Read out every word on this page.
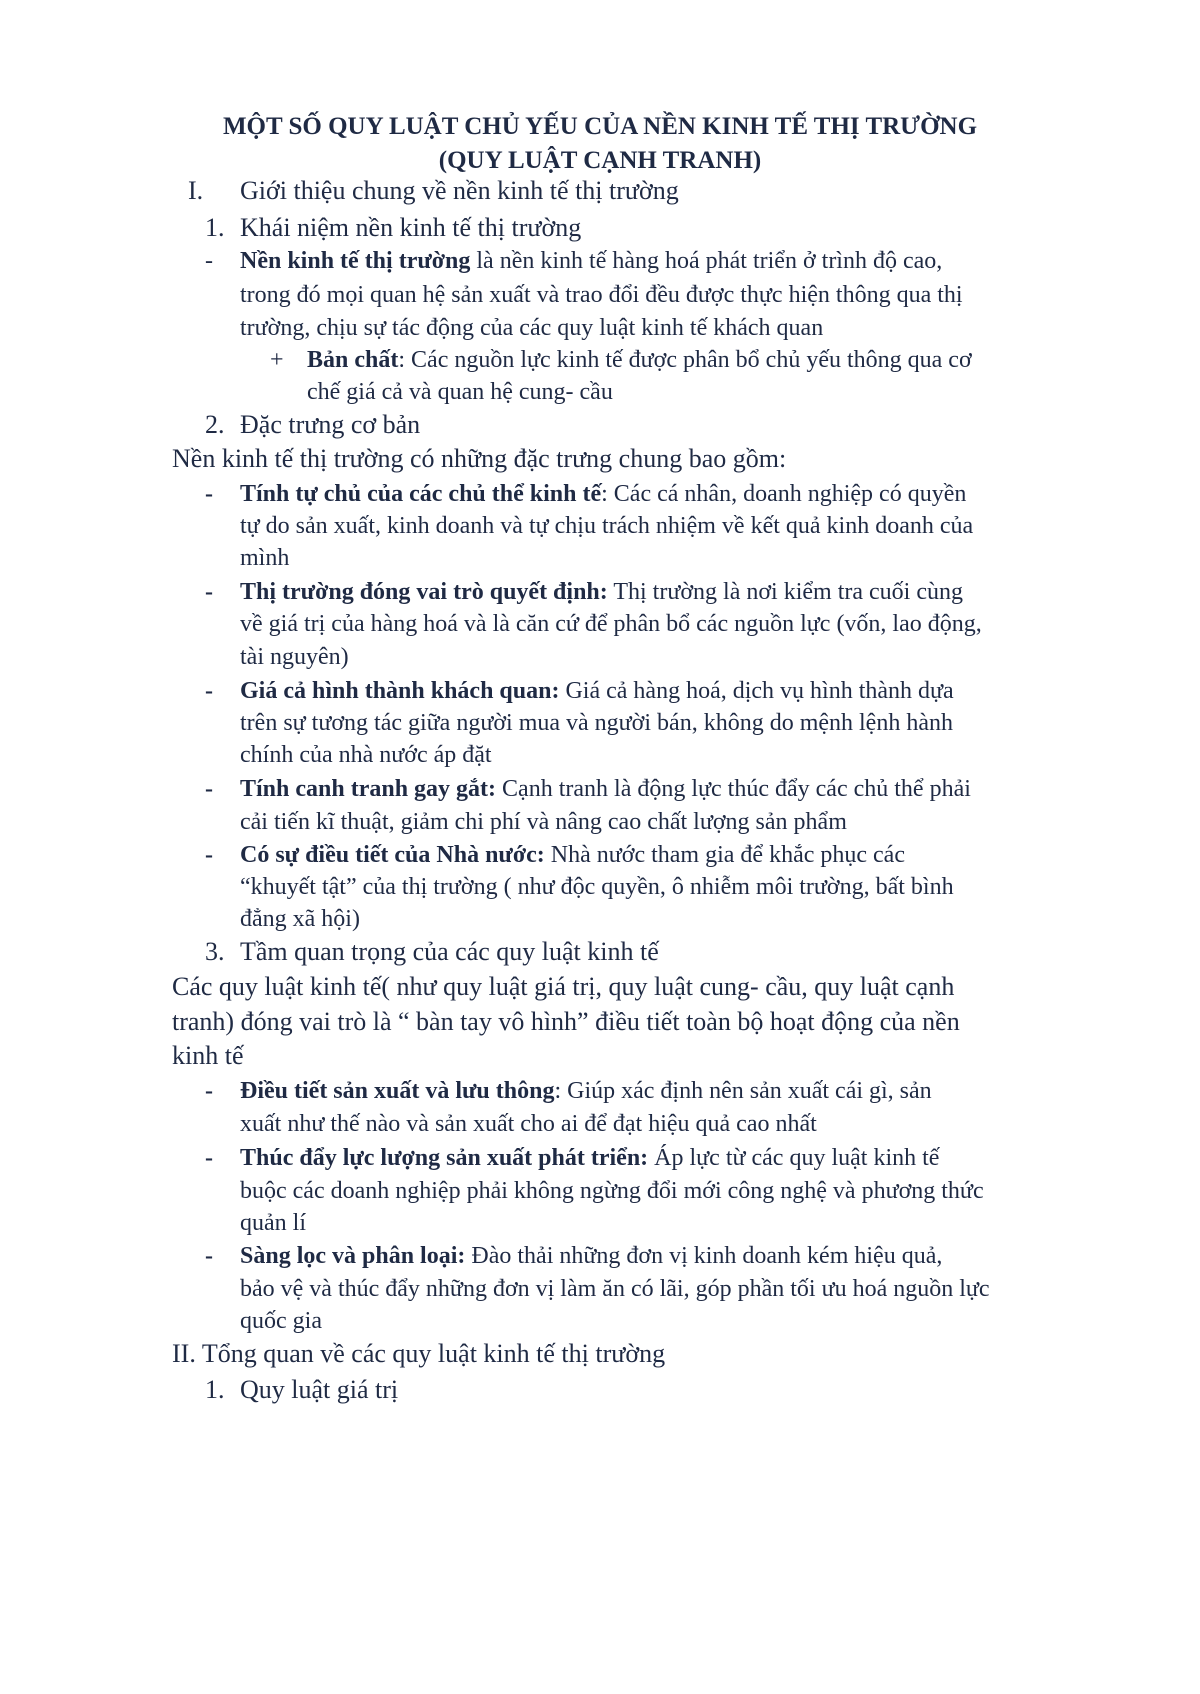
MỘT SỐ QUY LUẬT CHỦ YẾU CỦA NỀN KINH TẾ THỊ TRƯỜNG
(QUY LUẬT CẠNH TRANH)
I. Giới thiệu chung về nền kinh tế thị trường
1. Khái niệm nền kinh tế thị trường
- Nền kinh tế thị trường là nền kinh tế hàng hoá phát triển ở trình độ cao,
trong đó mọi quan hệ sản xuất và trao đổi đều được thực hiện thông qua thị
trường, chịu sự tác động của các quy luật kinh tế khách quan
+ Bản chất: Các nguồn lực kinh tế được phân bổ chủ yếu thông qua cơ
chế giá cả và quan hệ cung- cầu
2. Đặc trưng cơ bản
Nền kinh tế thị trường có những đặc trưng chung bao gồm:
- Tính tự chủ của các chủ thể kinh tế: Các cá nhân, doanh nghiệp có quyền
tự do sản xuất, kinh doanh và tự chịu trách nhiệm về kết quả kinh doanh của
mình
- Thị trường đóng vai trò quyết định: Thị trường là nơi kiểm tra cuối cùng
về giá trị của hàng hoá và là căn cứ để phân bổ các nguồn lực (vốn, lao động,
tài nguyên)
- Giá cả hình thành khách quan: Giá cả hàng hoá, dịch vụ hình thành dựa
trên sự tương tác giữa người mua và người bán, không do mệnh lệnh hành
chính của nhà nước áp đặt
- Tính canh tranh gay gắt: Cạnh tranh là động lực thúc đẩy các chủ thể phải
cải tiến kĩ thuật, giảm chi phí và nâng cao chất lượng sản phẩm
- Có sự điều tiết của Nhà nước: Nhà nước tham gia để khắc phục các
“khuyết tật” của thị trường ( như độc quyền, ô nhiễm môi trường, bất bình
đẳng xã hội)
3. Tầm quan trọng của các quy luật kinh tế
Các quy luật kinh tế( như quy luật giá trị, quy luật cung- cầu, quy luật cạnh
tranh) đóng vai trò là “ bàn tay vô hình” điều tiết toàn bộ hoạt động của nền
kinh tế
- Điều tiết sản xuất và lưu thông: Giúp xác định nên sản xuất cái gì, sản
xuất như thế nào và sản xuất cho ai để đạt hiệu quả cao nhất
- Thúc đẩy lực lượng sản xuất phát triển: Áp lực từ các quy luật kinh tế
buộc các doanh nghiệp phải không ngừng đổi mới công nghệ và phương thức
quản lí
- Sàng lọc và phân loại: Đào thải những đơn vị kinh doanh kém hiệu quả,
bảo vệ và thúc đẩy những đơn vị làm ăn có lãi, góp phần tối ưu hoá nguồn lực
quốc gia
II. Tổng quan về các quy luật kinh tế thị trường
1. Quy luật giá trị
